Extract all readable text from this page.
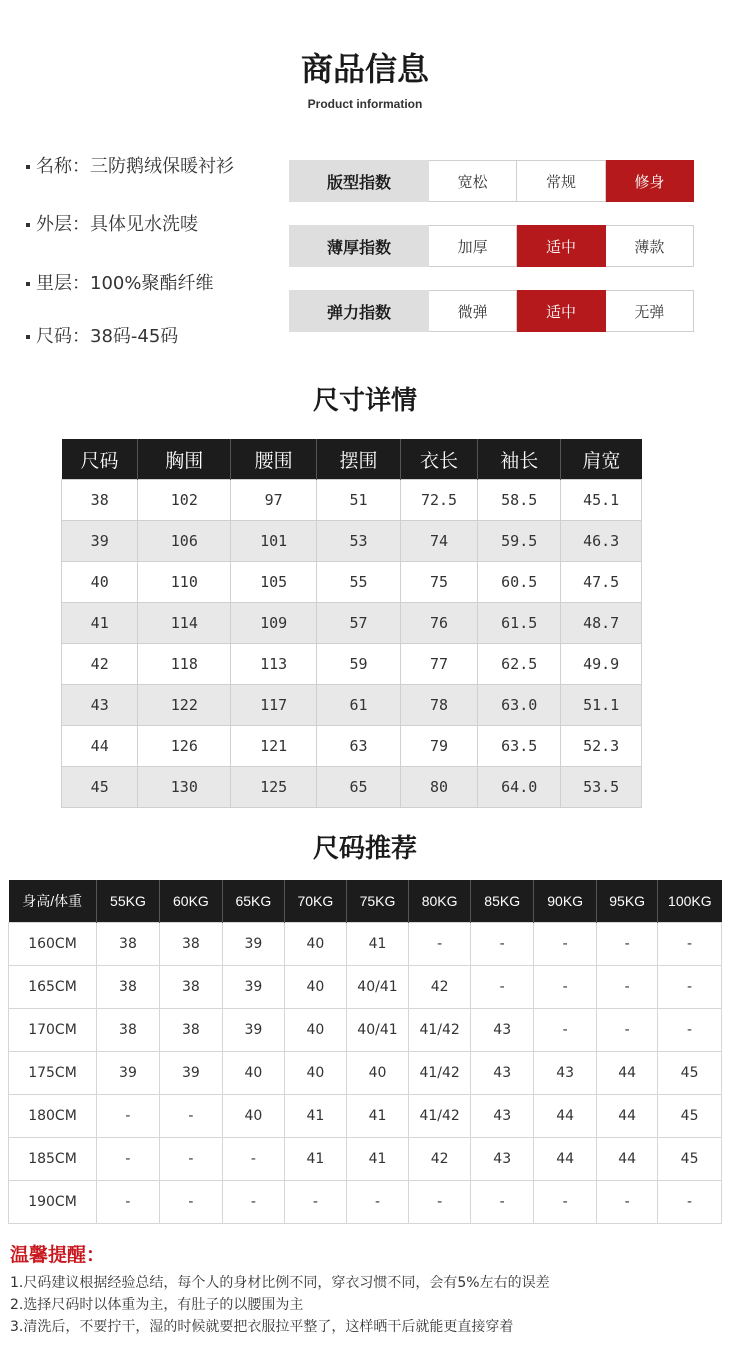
商品信息
Product information
名称：三防鹅绒保暖衬衫
外层：具体见水洗唛
里层：100%聚酯纤维
尺码：38码-45码
版型指数	宽松	常规	修身
薄厚指数	加厚	适中	薄款
弹力指数	微弹	适中	无弹
尺寸详情
尺码	胸围	腰围	摆围	衣长	袖长	肩宽
38	102	97	51	72.5	58.5	45.1
39	106	101	53	74	59.5	46.3
40	110	105	55	75	60.5	47.5
41	114	109	57	76	61.5	48.7
42	118	113	59	77	62.5	49.9
43	122	117	61	78	63.0	51.1
44	126	121	63	79	63.5	52.3
45	130	125	65	80	64.0	53.5
尺码推荐
身高/体重	55KG	60KG	65KG	70KG	75KG	80KG	85KG	90KG	95KG	100KG
160CM	38	38	39	40	41	-	-	-	-	-
165CM	38	38	39	40	40/41	42	-	-	-	-
170CM	38	38	39	40	40/41	41/42	43	-	-	-
175CM	39	39	40	40	40	41/42	43	43	44	45
180CM	-	-	40	41	41	41/42	43	44	44	45
185CM	-	-	-	41	41	42	43	44	44	45
190CM	-	-	-	-	-	-	-	-	-	-
温馨提醒：
1.尺码建议根据经验总结，每个人的身材比例不同，穿衣习惯不同，会有5%左右的误差
2.选择尺码时以体重为主，有肚子的以腰围为主
3.清洗后，不要拧干，湿的时候就要把衣服拉平整了，这样晒干后就能更直接穿着
